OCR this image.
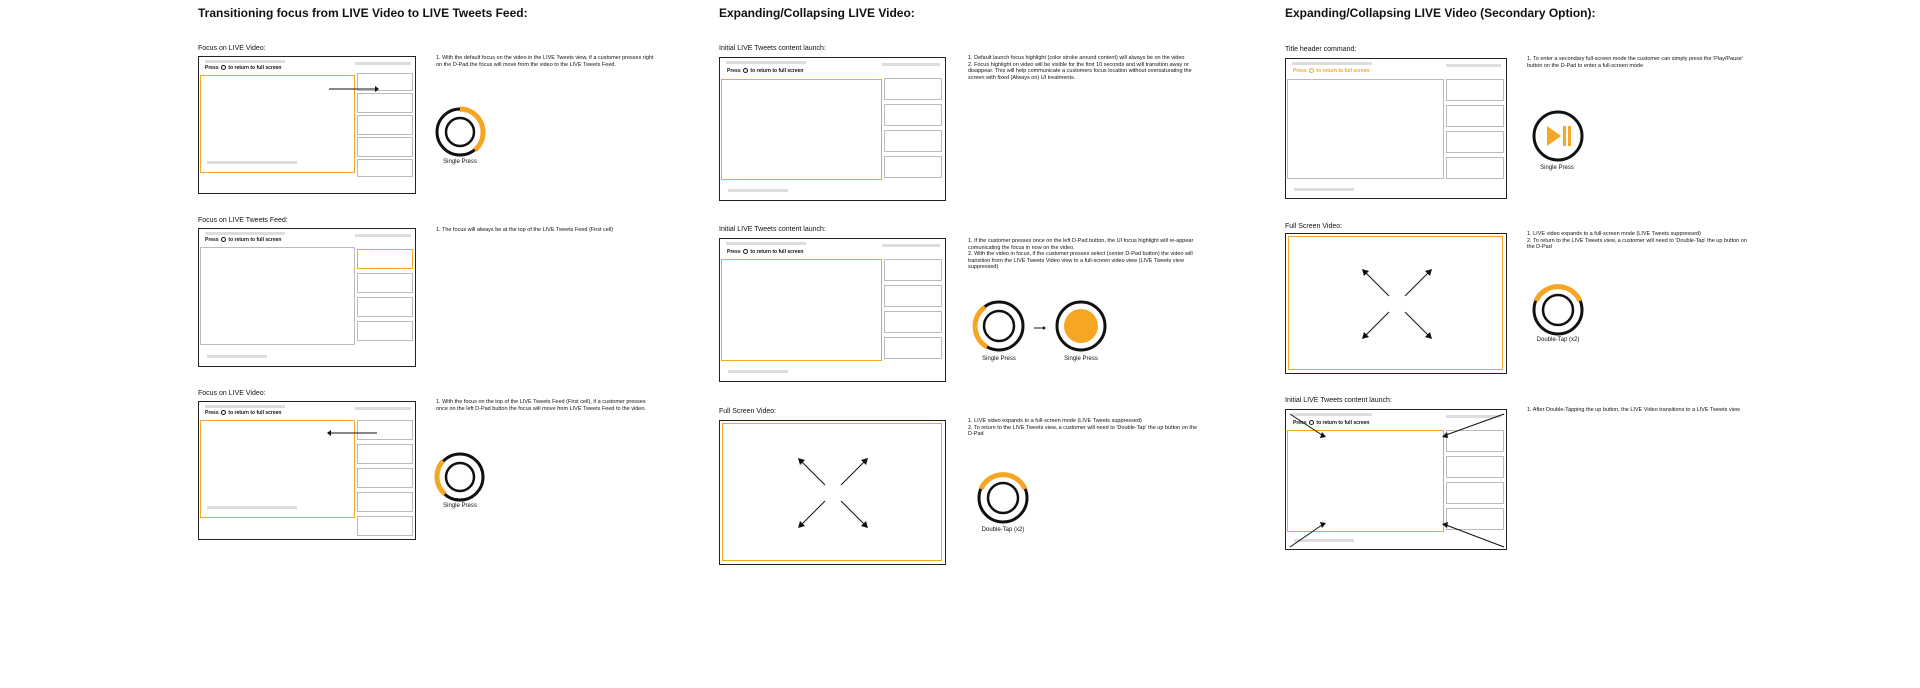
Transitioning focus from LIVE Video to LIVE Tweets Feed:
Focus on LIVE Video:
Press to return to full screen

1. With the default focus on the video in the LIVE Tweets view, if a customer presses right on the D-Pad the focus will move from the video to the LIVE Tweets Feed.

Single Press
Focus on LIVE Tweets Feed:
Press to return to full screen

1. The focus will always be at the top of the LIVE Tweets Feed (First cell)

Focus on LIVE Video:
Press to return to full screen

1. With the focus on the top of the LIVE Tweets Feed (First cell), if a customer presses once on the left D-Pad button the focus will move from LIVE Tweets Feed to the video.

Single Press
Expanding/Collapsing LIVE Video:
Initial LIVE Tweets content launch:
Press to return to full screen

1. Default launch focus highlight (color stroke around content) will always be on the video

2. Focus highlight on video will be visible for the first 10 seconds and will transition away or disappear. This will help communicate a customers focus location without oversaturating the screen with fixed (Always on) UI treatments.

Initial LIVE Tweets content launch:
Press to return to full screen

1. If the customer presses once on the left D-Pad button, the UI focus highlight will re-appear comunicating the focus in now on the video.

2. With the video in focus, if the customer presses select (center D-Pad button) the video will transition from the LIVE Tweets Video view to a full-screen video view (LIVE Tweets view suppressed)

Single Press	Single Press
Full Screen Video:

1. LIVE video expands to a full-screen mode (LIVE Tweets suppressed)

2. To return to the LIVE Tweets view, a customer will need to 'Double-Tap' the up button on the D-Pad

Double-Tap (x2)
Expanding/Collapsing LIVE Video (Secondary Option):
Title header command:
Press to return to full screen

1. To enter a secondary full-screen mode the customer can simply press the 'Play/Pause' button on the D-Pad to enter a full-screen mode

Single Press
Full Screen Video:

1. LIVE video expands to a full-screen mode (LIVE Tweets suppressed)

2. To return to the LIVE Tweets view, a customer will need to 'Double-Tap' the up button on the D-Pad

Double-Tap (x2)
Initial LIVE Tweets content launch:
Press to return to full screen

1. After Double-Tapping the up button, the LIVE Video transitions to a LIVE Tweets view
